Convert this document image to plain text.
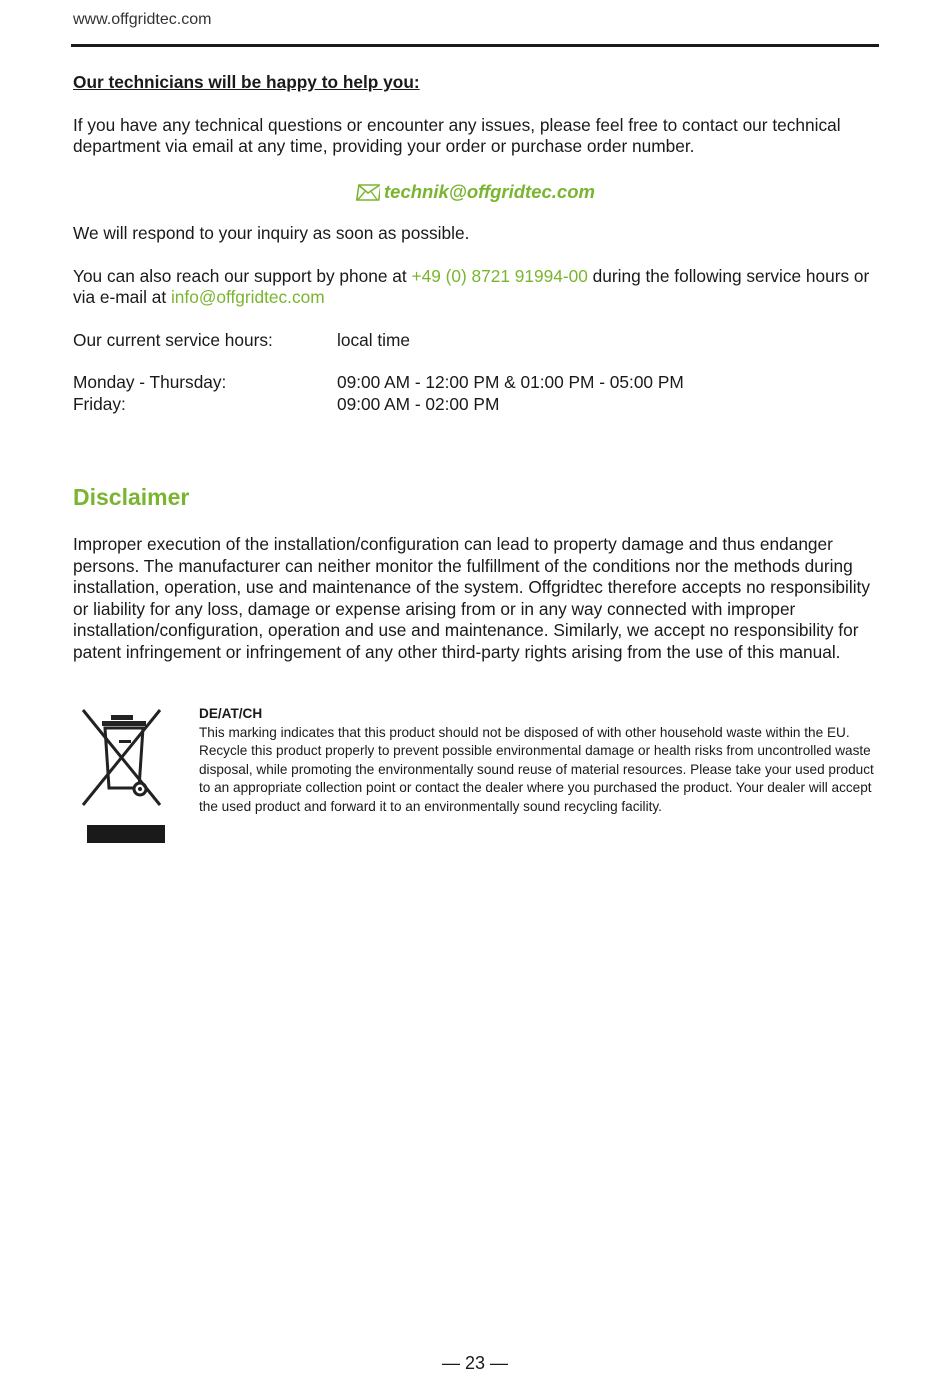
www.offgridtec.com
Our technicians will be happy to help you:
If you have any technical questions or encounter any issues, please feel free to contact our technical department via email at any time, providing your order or purchase order number.
technik@offgridtec.com
We will respond to your inquiry as soon as possible.
You can also reach our support by phone at +49 (0) 8721 91994-00 during the following service hours or via e-mail at info@offgridtec.com
Our current service hours:	local time
Monday - Thursday:	09:00 AM - 12:00 PM & 01:00 PM - 05:00 PM
Friday:	09:00 AM - 02:00 PM
Disclaimer
Improper execution of the installation/configuration can lead to property damage and thus endanger persons. The manufacturer can neither monitor the fulfillment of the conditions nor the methods during installation, operation, use and maintenance of the system. Offgridtec therefore accepts no responsibility or liability for any loss, damage or expense arising from or in any way connected with improper installation/configuration, operation and use and maintenance. Similarly, we accept no responsibility for patent infringement or infringement of any other third-party rights arising from the use of this manual.
DE/AT/CH
This marking indicates that this product should not be disposed of with other household waste within the EU. Recycle this product properly to prevent possible environmental damage or health risks from uncontrolled waste disposal, while promoting the environmentally sound reuse of material resources. Please take your used product to an appropriate collection point or contact the dealer where you purchased the product. Your dealer will accept the used product and forward it to an environmentally sound recycling facility.
— 23 —
